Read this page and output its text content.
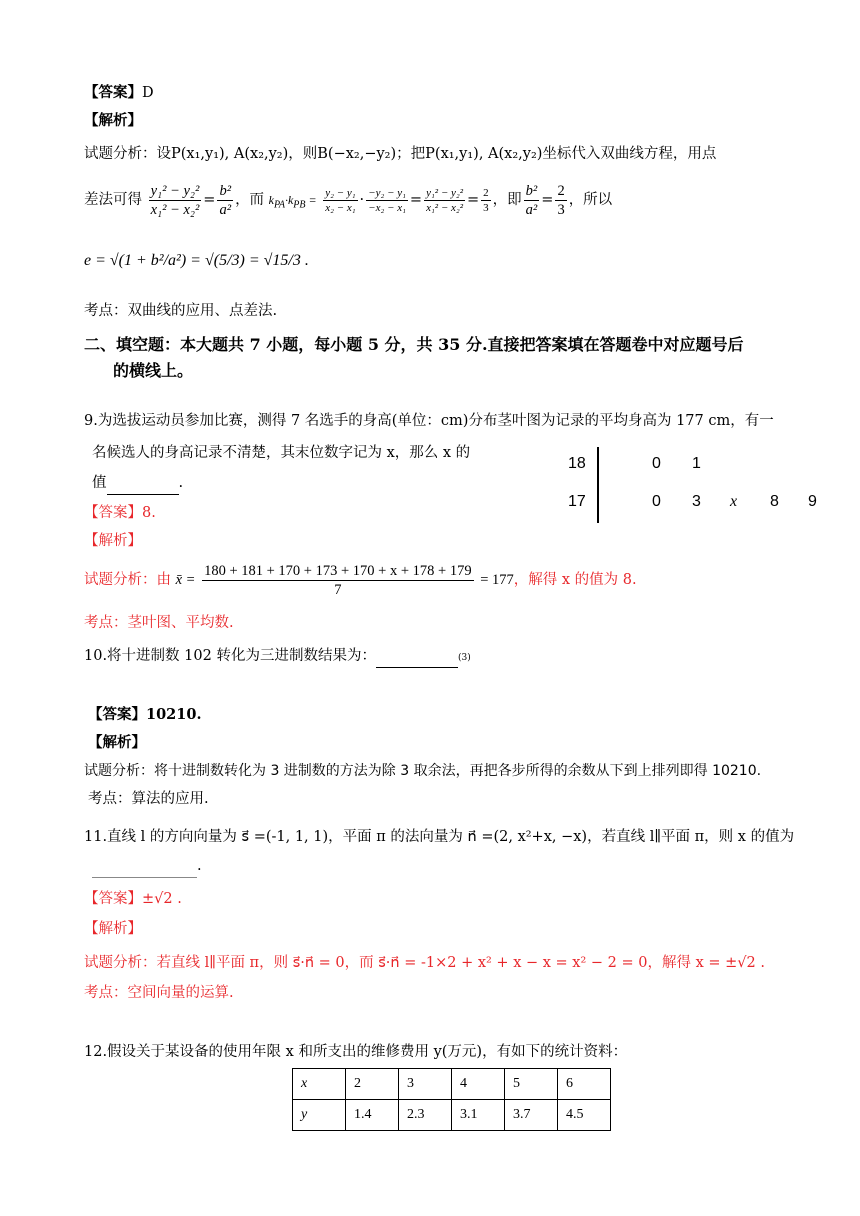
【答案】D
【解析】
试题分析：设P(x₁,y₁), A(x₂,y₂)，则B(−x₂,−y₂)；把P(x₁,y₁), A(x₂,y₂)坐标代入双曲线方程，用点
差法可得 $\frac{\text{y₁² − y₂²}}{\text{x₁² − x₂²}} = \frac{\text{b²}}{\text{a²}}$ ，而 $k_{PA}\cdot k_{PB} = \frac{\text{y₂ − y₁}}{\text{x₂ − x₁}} \cdot \frac{\text{−y₂ − y₁}}{\text{−x₂ − x₁}} = \frac{\text{y₁² − y₂²}}{\text{x₁² − x₂²}} = \frac{2}{3}$ ，即 $\frac{\text{b²}}{\text{a²}} = \frac{2}{3}$ ，所以
e = √(1 + b²/a²) = √(5/3) = √15/3 .
考点：双曲线的应用、点差法.
二、填空题：本大题共 7 小题，每小题 5 分，共 35 分.直接把答案填在答题卷中对应题号后
的横线上。
9.为选拔运动员参加比赛，测得 7 名选手的身高(单位：cm)分布茎叶图为记录的平均身高为 177 cm，有一
名候选人的身高记录不清楚，其末位数字记为 x，那么 x 的
值	.
18	0 1
17	0 3 x 8 9
【答案】8.
【解析】
试题分析：由 x̄ = $\frac{180 + 181 + 170 + 173 + 170 + x + 178 + 179}{7} = 177$，解得 x 的值为 8.
考点：茎叶图、平均数.
10.将十进制数 102 转化为三进制数结果为：	(3)
【答案】10210.
【解析】
试题分析：将十进制数转化为 3 进制数的方法为除 3 取余法，再把各步所得的余数从下到上排列即得 10210.
考点：算法的应用.
11.直线 l 的方向向量为 s⃗ =(-1, 1, 1)，平面 π 的法向量为 n⃗ =(2, x²+x, −x)，若直线 l∥平面 π，则 x 的值为
.
【答案】±√2 .
【解析】
试题分析：若直线 l∥平面 π，则 s⃗·n⃗ = 0，而 s⃗·n⃗ = -1×2 + x² + x − x = x² − 2 = 0，解得 x = ±√2 .
考点：空间向量的运算.
12.假设关于某设备的使用年限 x 和所支出的维修费用 y(万元)，有如下的统计资料：
x	2	3	4	5	6
y	1.4	2.3	3.1	3.7	4.5
